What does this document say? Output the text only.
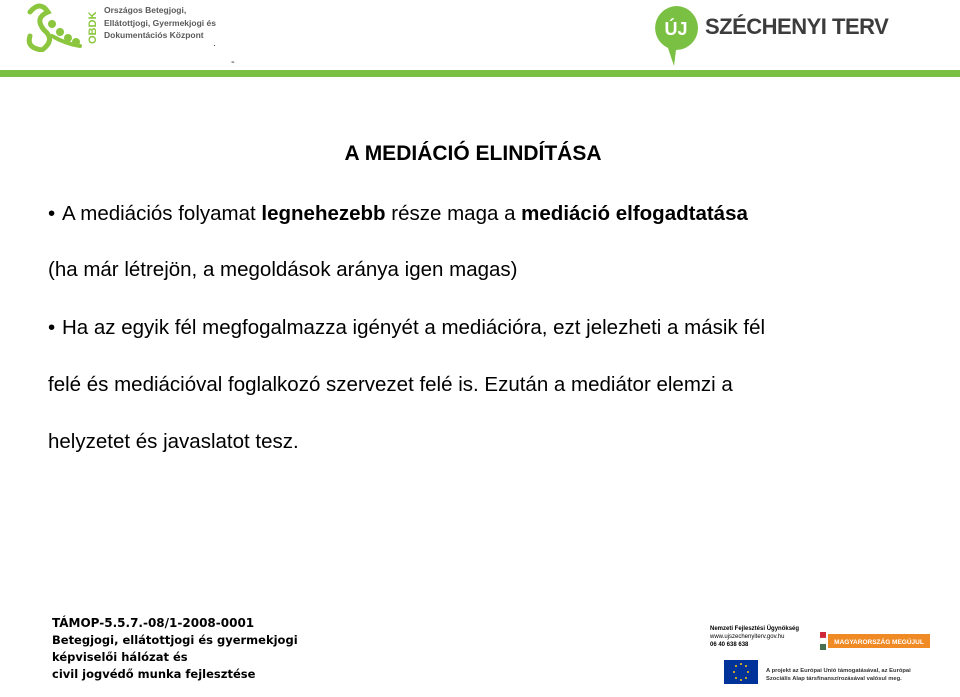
OBDK
Országos Betegjogi,
Ellátottjogi, Gyermekjogi és
Dokumentációs Központ
.
-
ÚJ SZÉCHENYI TERV
A MEDIÁCIÓ ELINDÍTÁSA
• A mediációs folyamat legnehezebb része maga a mediáció elfogadtatása
(ha már létrejön, a megoldások aránya igen magas)
• Ha az egyik fél megfogalmazza igényét a mediációra, ezt jelezheti a másik fél
felé és mediációval foglalkozó szervezet felé is. Ezután a mediátor elemzi a
helyzetet és javaslatot tesz.
TÁMOP-5.5.7.-08/1-2008-0001
Betegjogi, ellátottjogi és gyermekjogi
képviselői hálózat és
civil jogvédő munka fejlesztése
Nemzeti Fejlesztési Ügynökség
www.ujszechenyiterv.gov.hu
06 40 638 638	MAGYARORSZÁG MEGÚJUL
A projekt az Európai Unió támogatásával, az Európai
Szociális Alap társfinanszírozásával valósul meg.
